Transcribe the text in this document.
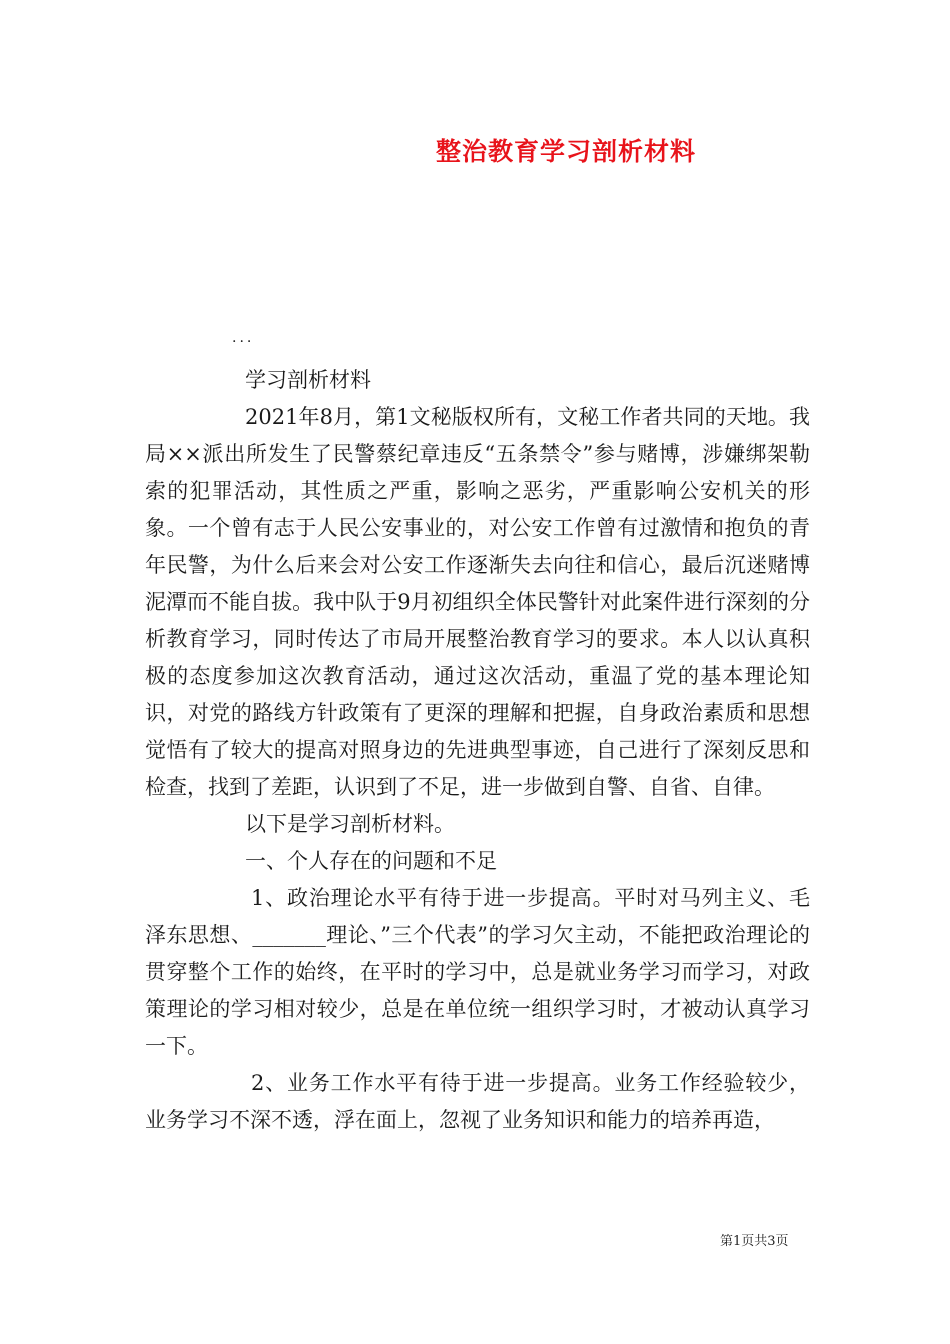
整治教育学习剖析材料
...

学习剖析材料

2021年8月，第1文秘版权所有，文秘工作者共同的天地。我局××派出所发生了民警蔡纪章违反“五条禁令”参与赌博，涉嫌绑架勒索的犯罪活动，其性质之严重，影响之恶劣，严重影响公安机关的形象。一个曾有志于人民公安事业的，对公安工作曾有过激情和抱负的青年民警，为什么后来会对公安工作逐渐失去向往和信心，最后沉迷赌博泥潭而不能自拔。我中队于9月初组织全体民警针对此案件进行深刻的分析教育学习，同时传达了市局开展整治教育学习的要求。本人以认真积极的态度参加这次教育活动，通过这次活动，重温了党的基本理论知识，对党的路线方针政策有了更深的理解和把握，自身政治素质和思想觉悟有了较大的提高对照身边的先进典型事迹，自己进行了深刻反思和检查，找到了差距，认识到了不足，进一步做到自警、自省、自律。

以下是学习剖析材料。

一、个人存在的问题和不足

1、政治理论水平有待于进一步提高。平时对马列主义、毛泽东思想、_______理论、”三个代表”的学习欠主动，不能把政治理论的贯穿整个工作的始终，在平时的学习中，总是就业务学习而学习，对政策理论的学习相对较少，总是在单位统一组织学习时，才被动认真学习一下。

2、业务工作水平有待于进一步提高。业务工作经验较少，业务学习不深不透，浮在面上，忽视了业务知识和能力的培养再造，

第1页共3页
